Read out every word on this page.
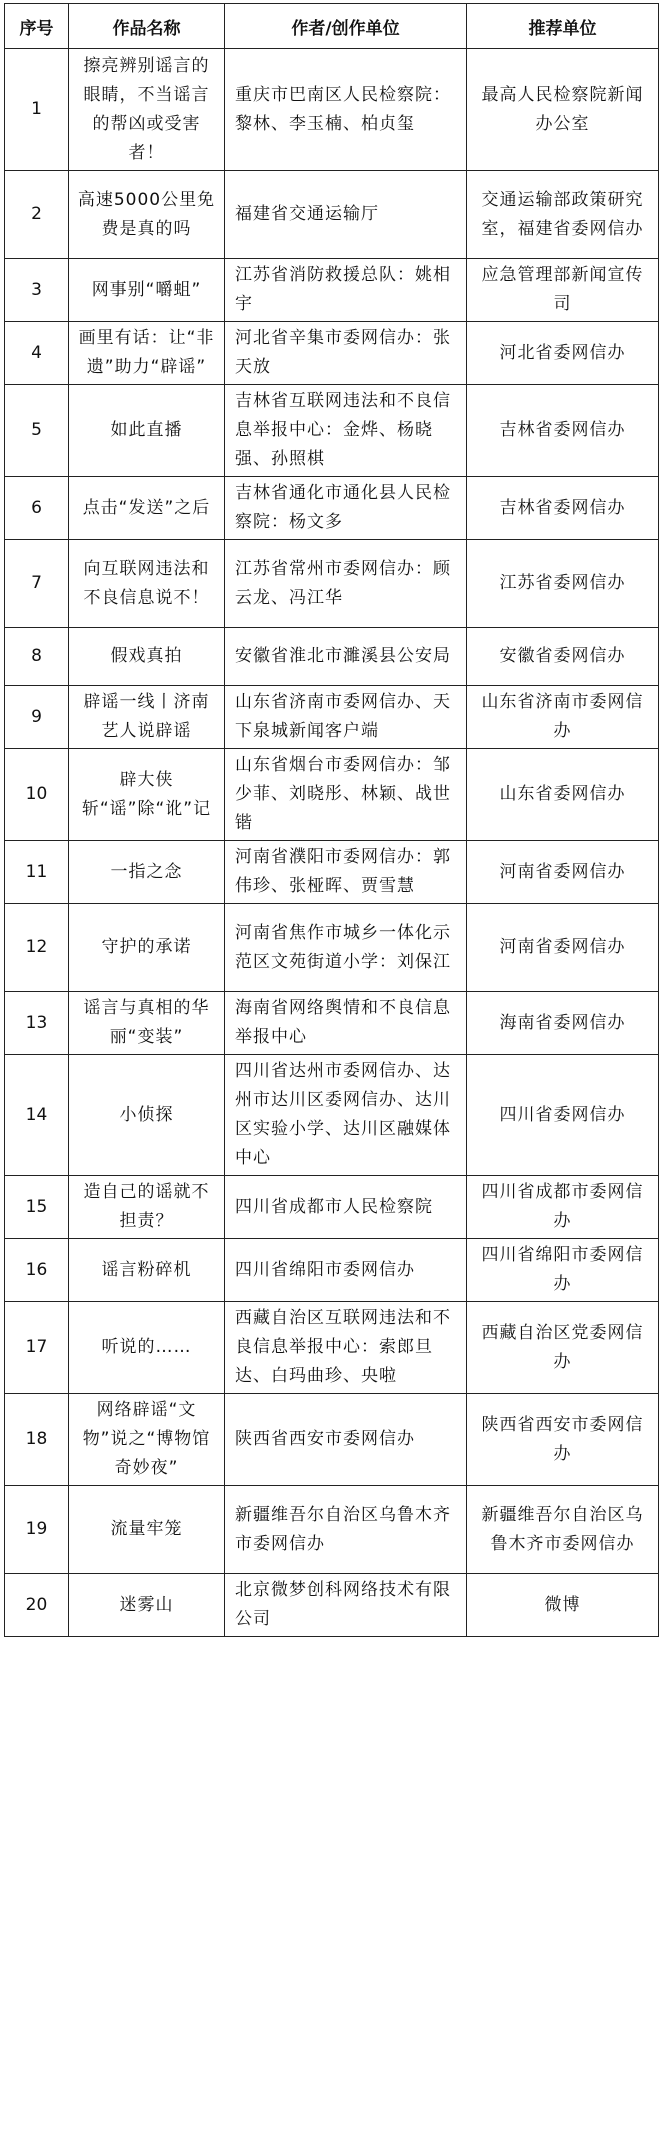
序号	作品名称	作者/创作单位	推荐单位
1	擦亮辨别谣言的眼睛，不当谣言的帮凶或受害者！	重庆市巴南区人民检察院：黎林、李玉楠、柏贞玺	最高人民检察院新闻办公室
2	高速5000公里免费是真的吗	福建省交通运输厅	交通运输部政策研究室，福建省委网信办
3	网事别“嚼蛆”	江苏省消防救援总队：姚相宇	应急管理部新闻宣传司
4	画里有话：让“非遗”助力“辟谣”	河北省辛集市委网信办：张天放	河北省委网信办
5	如此直播	吉林省互联网违法和不良信息举报中心：金烨、杨晓强、孙照棋	吉林省委网信办
6	点击“发送”之后	吉林省通化市通化县人民检察院：杨文多	吉林省委网信办
7	向互联网违法和不良信息说不！	江苏省常州市委网信办：顾云龙、冯江华	江苏省委网信办
8	假戏真拍	安徽省淮北市濉溪县公安局	安徽省委网信办
9	辟谣一线丨济南艺人说辟谣	山东省济南市委网信办、天下泉城新闻客户端	山东省济南市委网信办
10	辟大侠斩“谣”除“讹”记	山东省烟台市委网信办：邹少菲、刘晓彤、林颖、战世锴	山东省委网信办
11	一指之念	河南省濮阳市委网信办：郭伟珍、张桠晖、贾雪慧	河南省委网信办
12	守护的承诺	河南省焦作市城乡一体化示范区文苑街道小学：刘保江	河南省委网信办
13	谣言与真相的华丽“变装”	海南省网络舆情和不良信息举报中心	海南省委网信办
14	小侦探	四川省达州市委网信办、达州市达川区委网信办、达川区实验小学、达川区融媒体中心	四川省委网信办
15	造自己的谣就不担责？	四川省成都市人民检察院	四川省成都市委网信办
16	谣言粉碎机	四川省绵阳市委网信办	四川省绵阳市委网信办
17	听说的……	西藏自治区互联网违法和不良信息举报中心：索郎旦达、白玛曲珍、央啦	西藏自治区党委网信办
18	网络辟谣“文物”说之“博物馆奇妙夜”	陕西省西安市委网信办	陕西省西安市委网信办
19	流量牢笼	新疆维吾尔自治区乌鲁木齐市委网信办	新疆维吾尔自治区乌鲁木齐市委网信办
20	迷雾山	北京微梦创科网络技术有限公司	微博
